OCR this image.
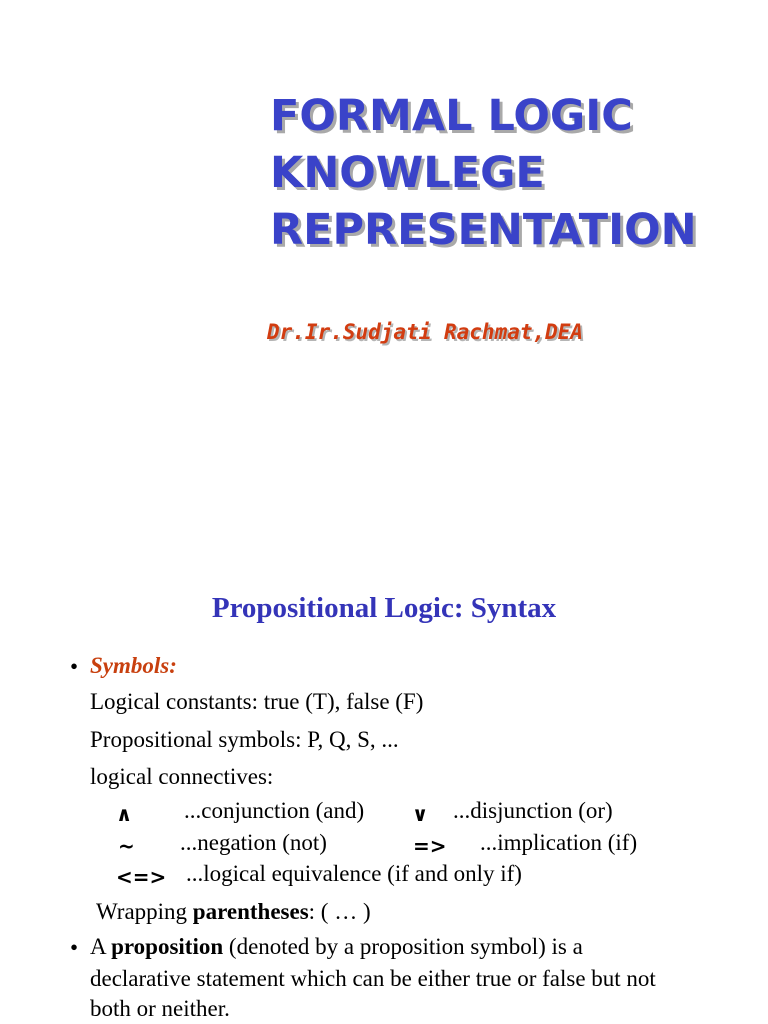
FORMAL LOGIC
KNOWLEGE
REPRESENTATION
Dr.Ir.Sudjati Rachmat,DEA
Propositional Logic: Syntax
• Symbols:
Logical constants: true (T), false (F)
Propositional symbols: P, Q, S, ...
logical connectives:
∧ ...conjunction (and) ∨ ...disjunction (or)
~ ...negation (not)	=> ...implication (if)
<=> ...logical equivalence (if and only if)
Wrapping parentheses: ( … )
• A proposition (denoted by a proposition symbol) is a
declarative statement which can be either true or false but not
both or neither.
